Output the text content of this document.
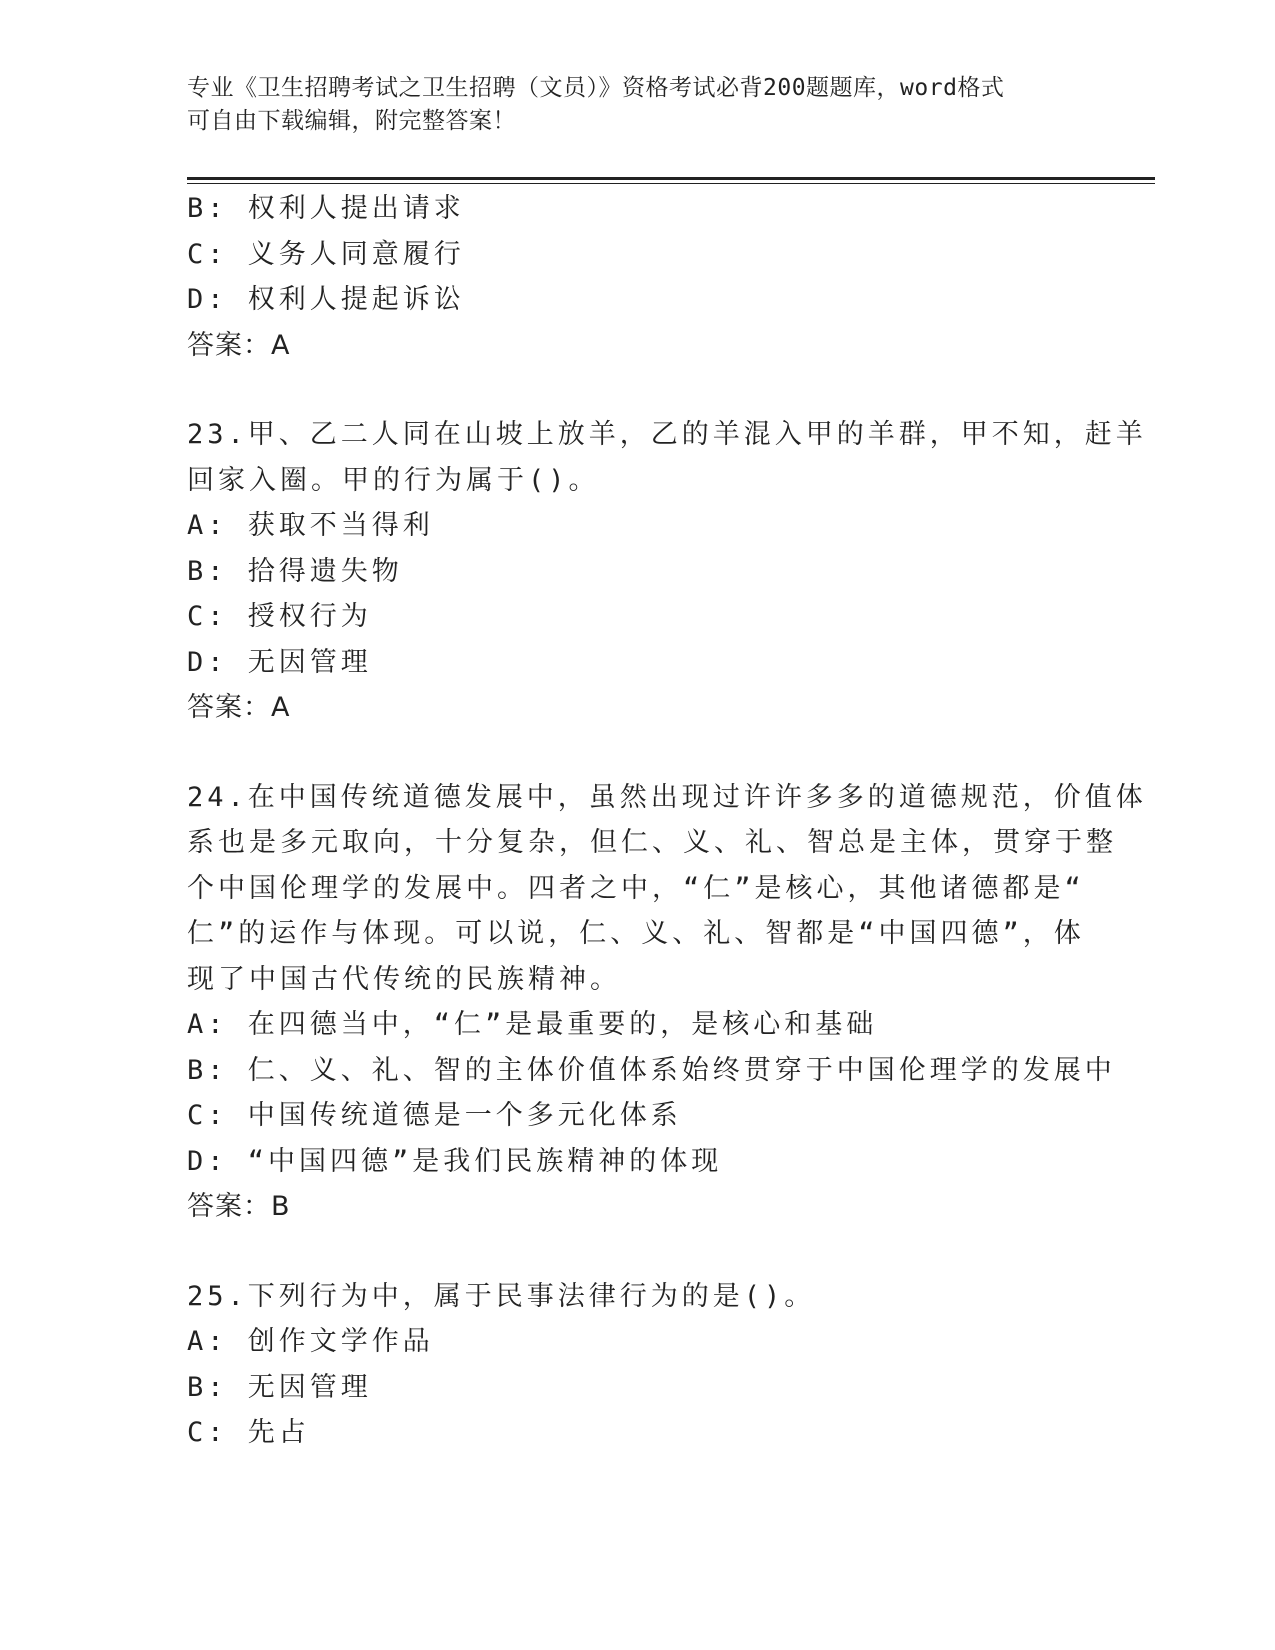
专业《卫生招聘考试之卫生招聘（文员）》资格考试必背200题题库，word格式
可自由下载编辑，附完整答案！
B: 权利人提出请求
C: 义务人同意履行
D: 权利人提起诉讼
答案：A
23.甲、乙二人同在山坡上放羊，乙的羊混入甲的羊群，甲不知，赶羊
回家入圈。甲的行为属于()。
A: 获取不当得利
B: 拾得遗失物
C: 授权行为
D: 无因管理
答案：A
24.在中国传统道德发展中，虽然出现过许许多多的道德规范，价值体
系也是多元取向，十分复杂，但仁、义、礼、智总是主体，贯穿于整
个中国伦理学的发展中。四者之中，“仁”是核心，其他诸德都是“
仁”的运作与体现。可以说，仁、义、礼、智都是“中国四德”，体
现了中国古代传统的民族精神。
A: 在四德当中，“仁”是最重要的，是核心和基础
B: 仁、义、礼、智的主体价值体系始终贯穿于中国伦理学的发展中
C: 中国传统道德是一个多元化体系
D: “中国四德”是我们民族精神的体现
答案：B
25.下列行为中，属于民事法律行为的是()。
A: 创作文学作品
B: 无因管理
C: 先占
